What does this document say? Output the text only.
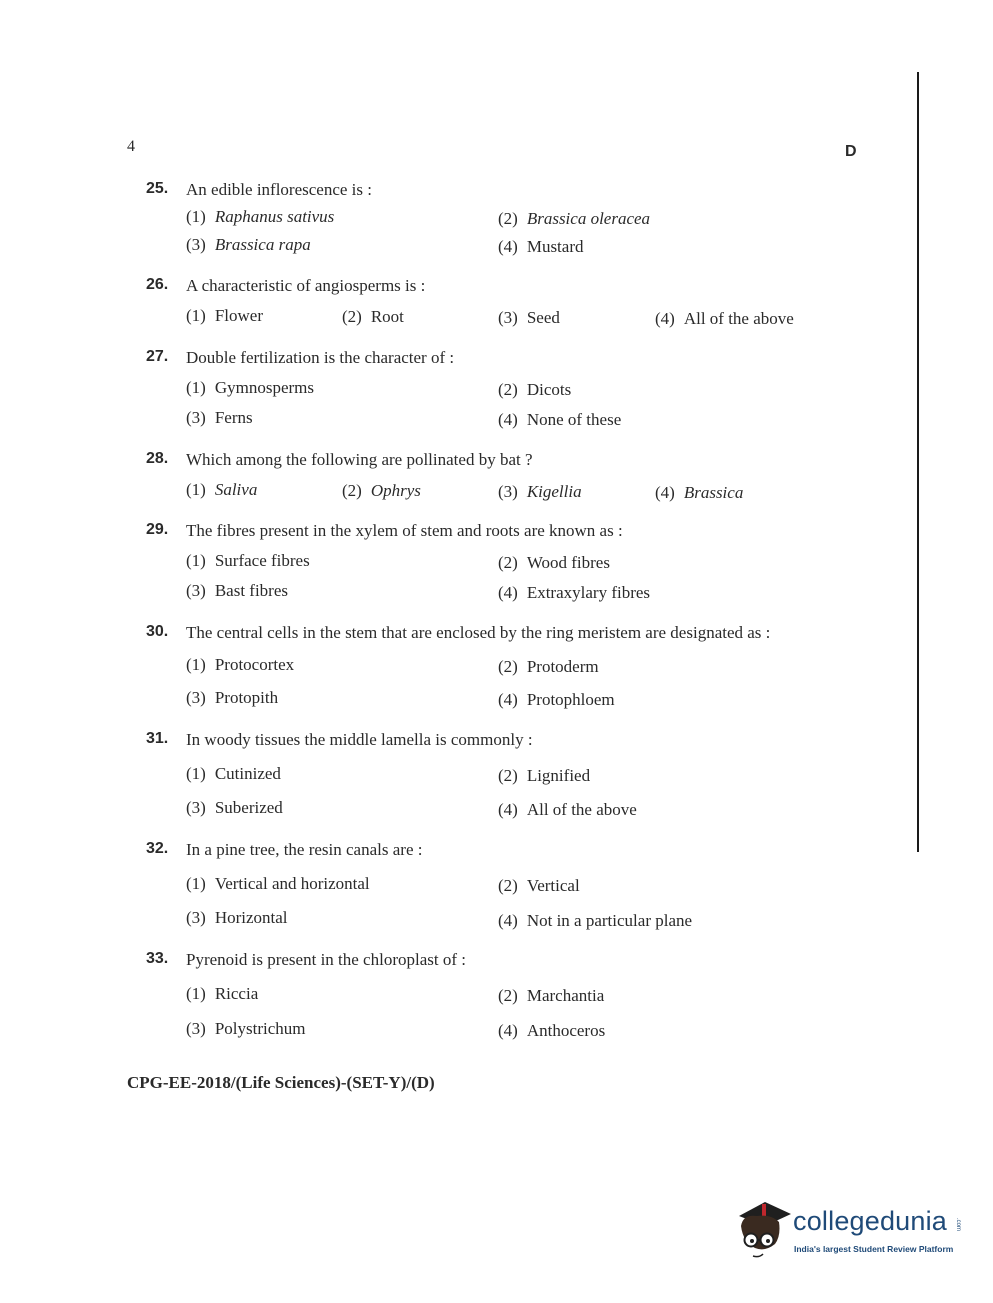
4	D
25. An edible inflorescence is :
(1) Raphanus sativus	(2) Brassica oleracea
(3) Brassica rapa	(4) Mustard
26. A characteristic of angiosperms is :
(1) Flower	(2) Root	(3) Seed	(4) All of the above
27. Double fertilization is the character of :
(1) Gymnosperms	(2) Dicots
(3) Ferns	(4) None of these
28. Which among the following are pollinated by bat ?
(1) Saliva	(2) Ophrys	(3) Kigellia	(4) Brassica
29. The fibres present in the xylem of stem and roots are known as :
(1) Surface fibres	(2) Wood fibres
(3) Bast fibres	(4) Extraxylary fibres
30. The central cells in the stem that are enclosed by the ring meristem are designated as :
(1) Protocortex	(2) Protoderm
(3) Protopith	(4) Protophloem
31. In woody tissues the middle lamella is commonly :
(1) Cutinized	(2) Lignified
(3) Suberized	(4) All of the above
32. In a pine tree, the resin canals are :
(1) Vertical and horizontal	(2) Vertical
(3) Horizontal	(4) Not in a particular plane
33. Pyrenoid is present in the chloroplast of :
(1) Riccia	(2) Marchantia
(3) Polystrichum	(4) Anthoceros
CPG-EE-2018/(Life Sciences)-(SET-Y)/(D)
collegedunia .com
India's largest Student Review Platform
